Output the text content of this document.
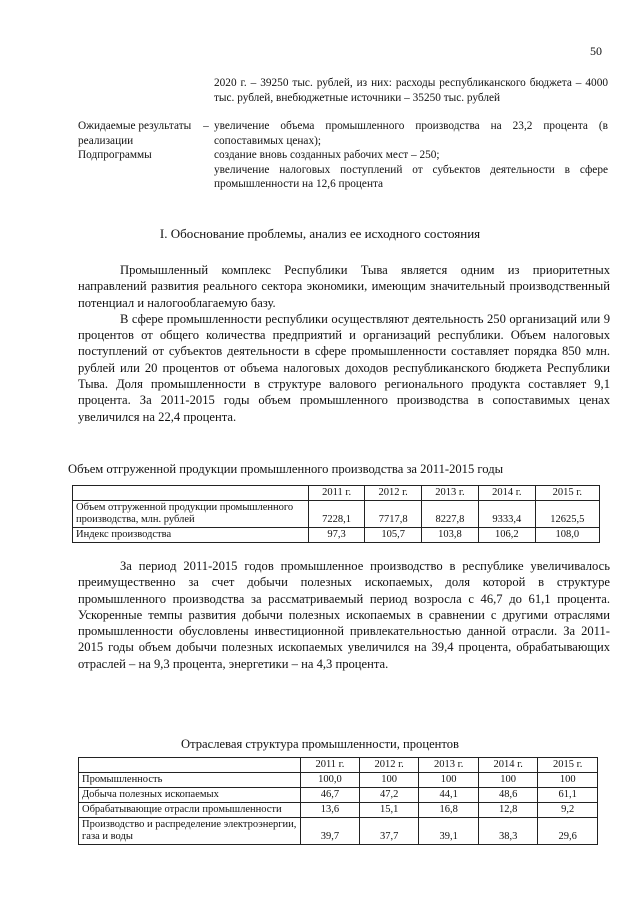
50
2020 г. – 39250 тыс. рублей, из них: расходы республиканского бюджета – 4000 тыс. рублей, внебюджетные источники – 35250 тыс. рублей
Ожидаемые результаты реализации Подпрограммы
– увеличение объема промышленного производства на 23,2 процента (в сопоставимых ценах);
создание вновь созданных рабочих мест – 250;
увеличение налоговых поступлений от субъектов деятельности в сфере промышленности на 12,6 процента
I. Обоснование проблемы, анализ ее исходного состояния

Промышленный комплекс Республики Тыва является одним из приоритетных направлений развития реального сектора экономики, имеющим значительный производственный потенциал и налогооблагаемую базу.

В сфере промышленности республики осуществляют деятельность 250 организаций или 9 процентов от общего количества предприятий и организаций республики. Объем налоговых поступлений от субъектов деятельности в сфере промышленности составляет порядка 850 млн. рублей или 20 процентов от объема налоговых доходов республиканского бюджета Республики Тыва. Доля промышленности в структуре валового регионального продукта составляет 9,1 процента. За 2011-2015 годы объем промышленного производства в сопоставимых ценах увеличился на 22,4 процента.

Объем отгруженной продукции промышленного производства за 2011-2015 годы
	2011 г.	2012 г.	2013 г.	2014 г.	2015 г.
Объем отгруженной продукции промышленного производства, млн. рублей	7228,1	7717,8	8227,8	9333,4	12625,5
Индекс производства	97,3	105,7	103,8	106,2	108,0

За период 2011-2015 годов промышленное производство в республике увеличивалось преимущественно за счет добычи полезных ископаемых, доля которой в структуре промышленного производства за рассматриваемый период возросла с 46,7 до 61,1 процента. Ускоренные темпы развития добычи полезных ископаемых в сравнении с другими отраслями промышленности обусловлены инвестиционной привлекательностью данной отрасли. За 2011-2015 годы объем добычи полезных ископаемых увеличился на 39,4 процента, обрабатывающих отраслей – на 9,3 процента, энергетики – на 4,3 процента.

Отраслевая структура промышленности, процентов
	2011 г.	2012 г.	2013 г.	2014 г.	2015 г.
Промышленность	100,0	100	100	100	100
Добыча полезных ископаемых	46,7	47,2	44,1	48,6	61,1
Обрабатывающие отрасли промышленности	13,6	15,1	16,8	12,8	9,2
Производство и распределение электроэнергии, газа и воды	39,7	37,7	39,1	38,3	29,6
